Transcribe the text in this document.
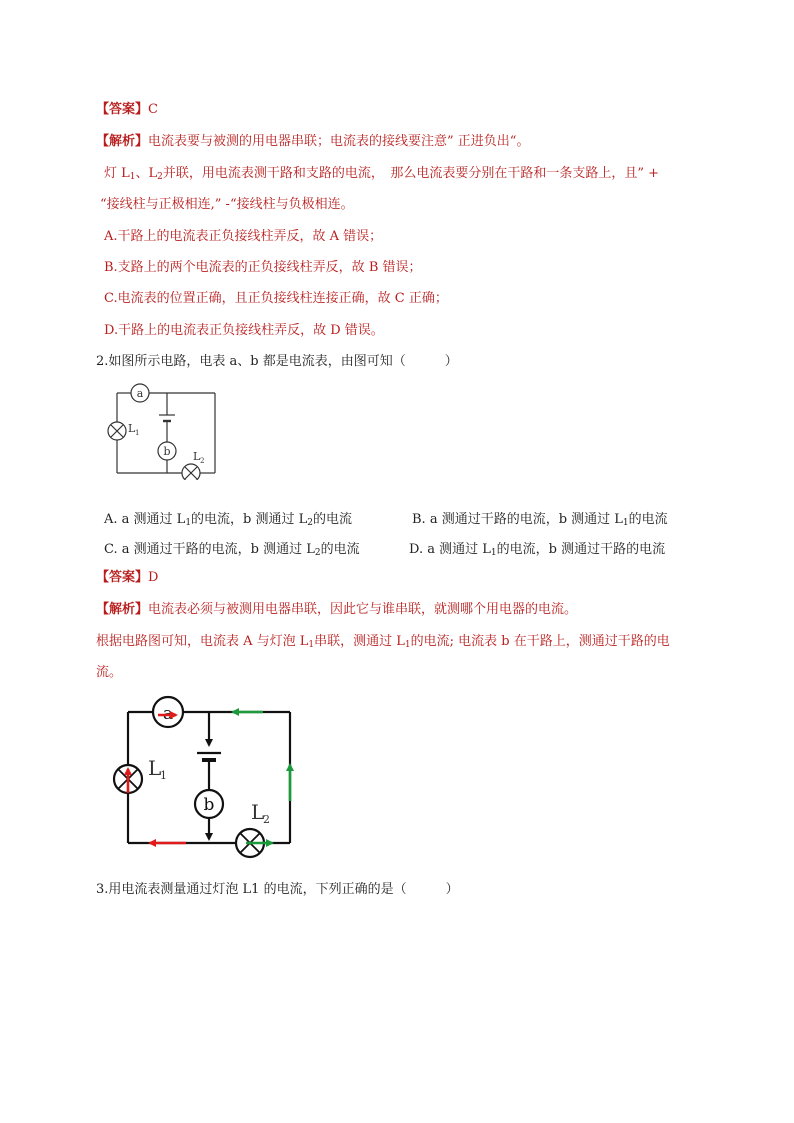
【答案】C
【解析】电流表要与被测的用电器串联；电流表的接线要注意” 正进负出“。
灯 $L_1$、$L_2$并联，用电流表测干路和支路的电流，　那么电流表要分别在干路和一条支路上，且” +
“接线柱与正极相连,” -“接线柱与负极相连。
A.干路上的电流表正负接线柱弄反，故 A 错误；
B.支路上的两个电流表的正负接线柱弄反，故 B 错误；
C.电流表的位置正确，且正负接线柱连接正确，故 C 正确；
D.干路上的电流表正负接线柱弄反，故 D 错误。
2.如图所示电路，电表 a、b 都是电流表，由图可知（　　　）
a
b
L 1
L 2
A. a 测通过 $L_1$的电流，b 测通过 $L_2$的电流	B. a 测通过干路的电流，b 测通过 $L_1$的电流
C. a 测通过干路的电流，b 测通过 $L_2$的电流	D. a 测通过 $L_1$的电流，b 测通过干路的电流
【答案】D
【解析】电流表必须与被测用电器串联，因此它与谁串联，就测哪个用电器的电流。
根据电路图可知，电流表 A 与灯泡 $L_1$串联，测通过 $L_1$的电流; 电流表 b 在干路上，测通过干路的电
流。
a
b
L
1
L
2
3.用电流表测量通过灯泡 L1 的电流，下列正确的是（　　　）
